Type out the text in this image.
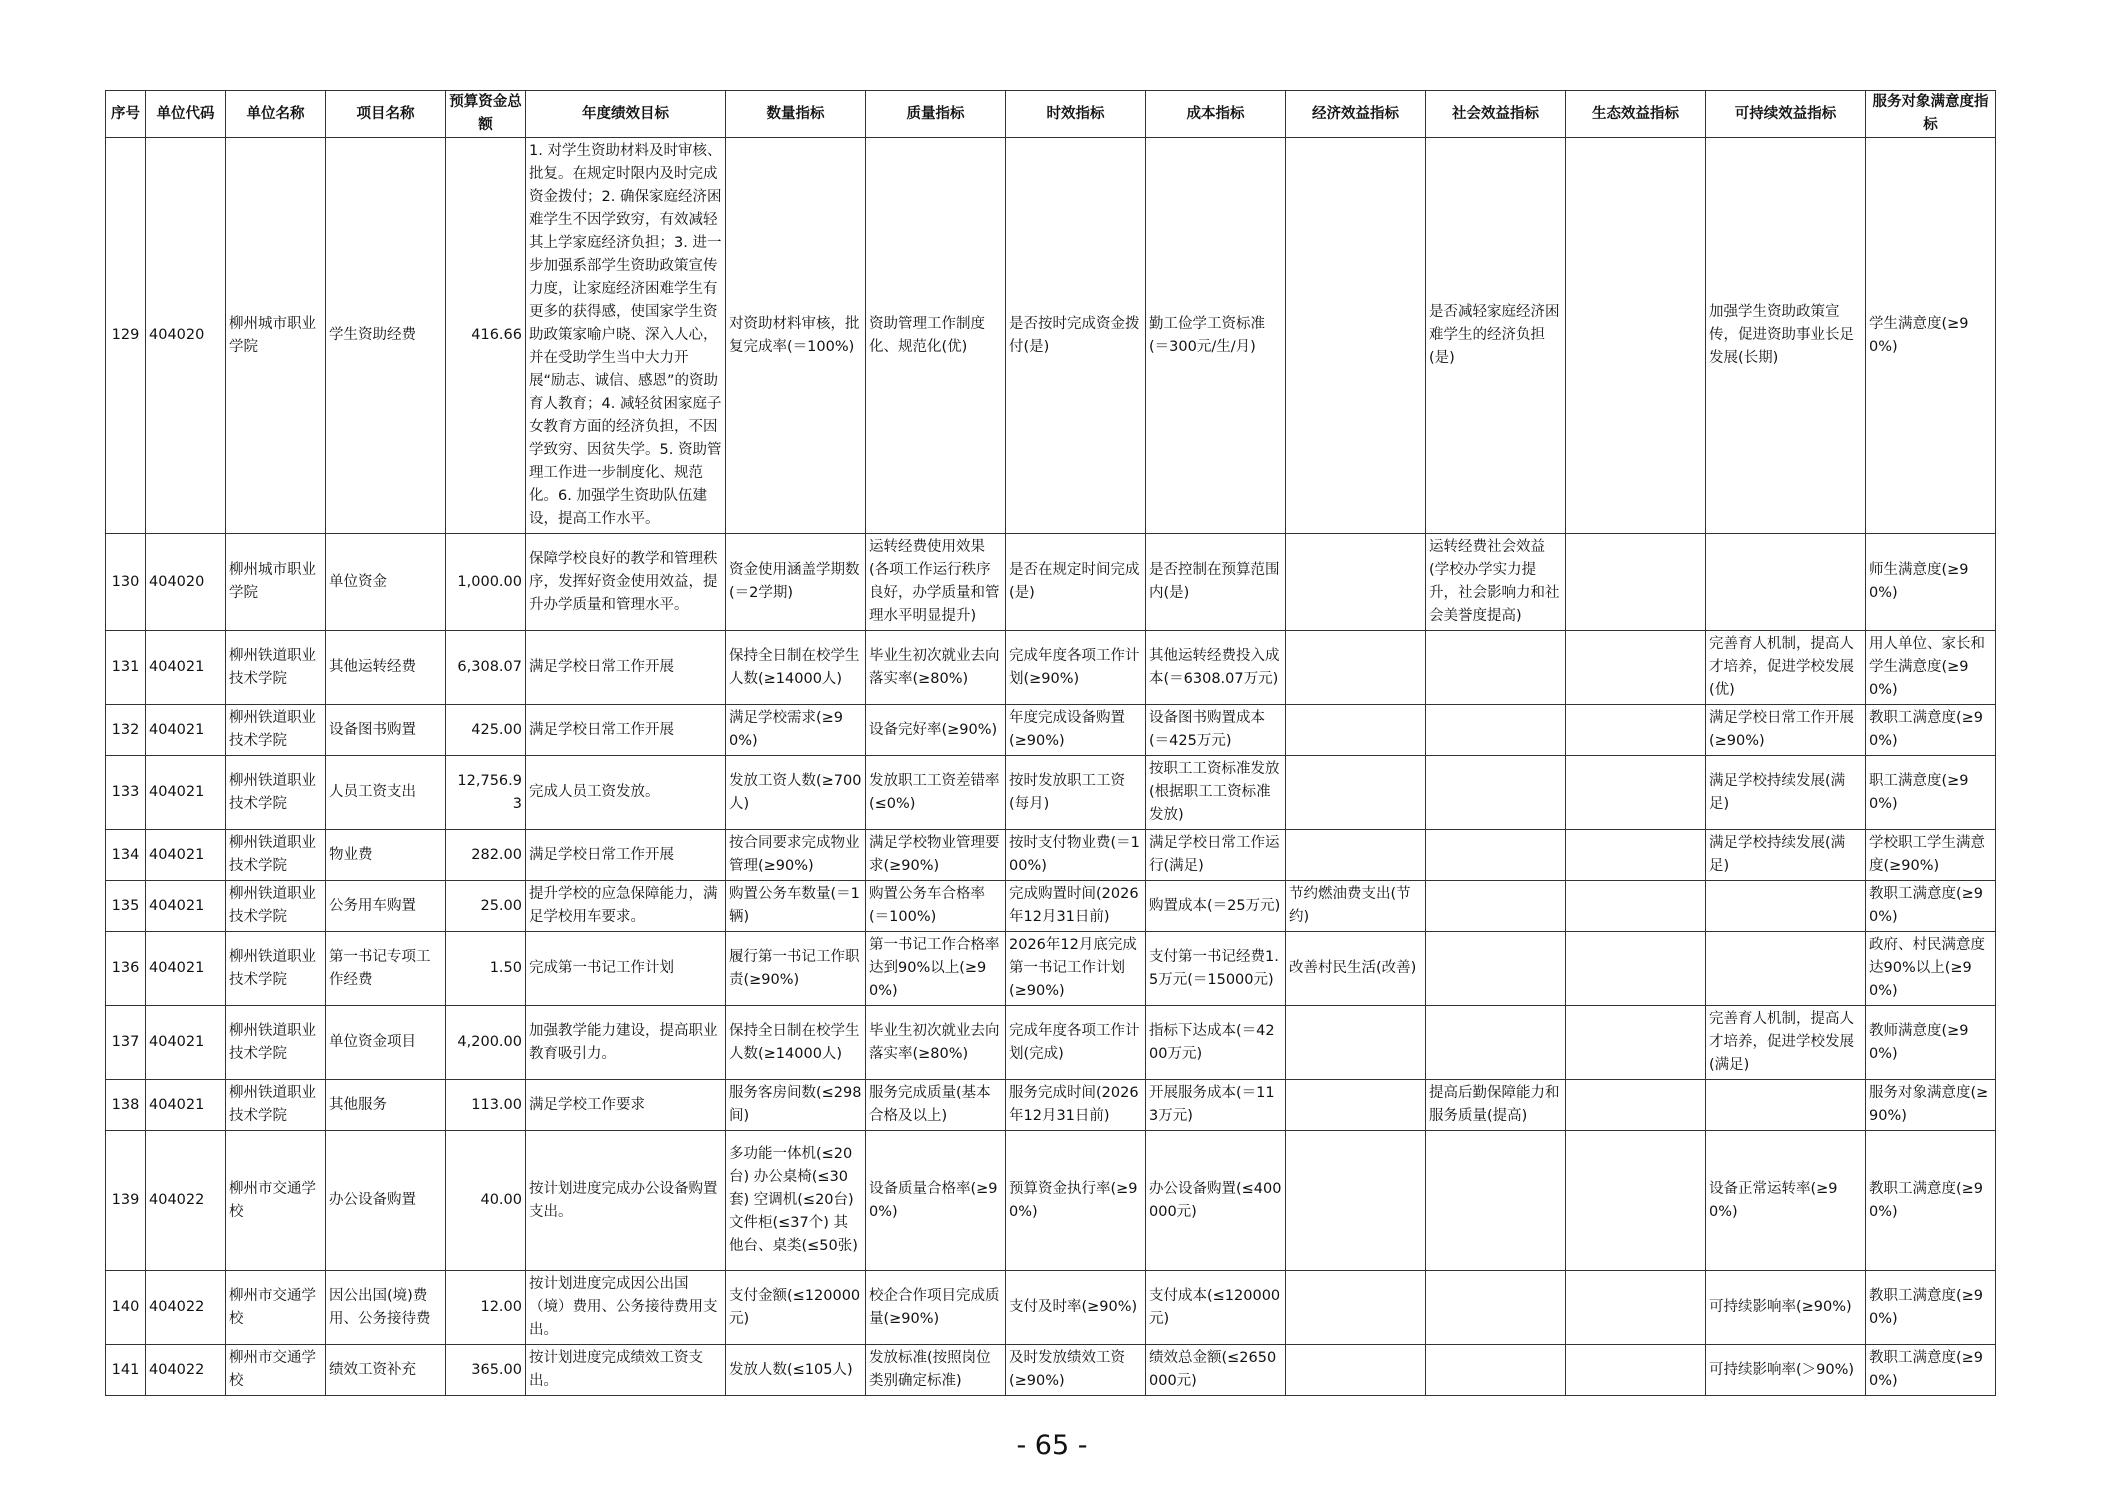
序号	单位代码	单位名称	项目名称	预算资金总额	年度绩效目标	数量指标	质量指标	时效指标	成本指标	经济效益指标	社会效益指标	生态效益指标	可持续效益指标	服务对象满意度指标
129	404020	柳州城市职业学院	学生资助经费	416.66	1. 对学生资助材料及时审核、批复。在规定时限内及时完成资金拨付；2. 确保家庭经济困难学生不因学致穷，有效减轻其上学家庭经济负担；3. 进一步加强系部学生资助政策宣传力度，让家庭经济困难学生有更多的获得感，使国家学生资助政策家喻户晓、深入人心，并在受助学生当中大力开展“励志、诚信、感恩”的资助育人教育；4. 减轻贫困家庭子女教育方面的经济负担，不因学致穷、因贫失学。5. 资助管理工作进一步制度化、规范化。6. 加强学生资助队伍建设，提高工作水平。	对资助材料审核，批复完成率(＝100%)	资助管理工作制度化、规范化(优)	是否按时完成资金拨付(是)	勤工俭学工资标准(＝300元/生/月)		是否减轻家庭经济困难学生的经济负担(是)		加强学生资助政策宣传，促进资助事业长足发展(长期)	学生满意度(≥90%)
130	404020	柳州城市职业学院	单位资金	1,000.00	保障学校良好的教学和管理秩序，发挥好资金使用效益，提升办学质量和管理水平。	资金使用涵盖学期数(＝2学期)	运转经费使用效果(各项工作运行秩序良好，办学质量和管理水平明显提升)	是否在规定时间完成(是)	是否控制在预算范围内(是)		运转经费社会效益(学校办学实力提升，社会影响力和社会美誉度提高)			师生满意度(≥90%)
131	404021	柳州铁道职业技术学院	其他运转经费	6,308.07	满足学校日常工作开展	保持全日制在校学生人数(≥14000人)	毕业生初次就业去向落实率(≥80%)	完成年度各项工作计划(≥90%)	其他运转经费投入成本(＝6308.07万元)				完善育人机制，提高人才培养，促进学校发展(优)	用人单位、家长和学生满意度(≥90%)
132	404021	柳州铁道职业技术学院	设备图书购置	425.00	满足学校日常工作开展	满足学校需求(≥90%)	设备完好率(≥90%)	年度完成设备购置(≥90%)	设备图书购置成本(＝425万元)				满足学校日常工作开展(≥90%)	教职工满意度(≥90%)
133	404021	柳州铁道职业技术学院	人员工资支出	12,756.93	完成人员工资发放。	发放工资人数(≥700人)	发放职工工资差错率(≤0%)	按时发放职工工资(每月)	按职工工资标准发放(根据职工工资标准发放)				满足学校持续发展(满足)	职工满意度(≥90%)
134	404021	柳州铁道职业技术学院	物业费	282.00	满足学校日常工作开展	按合同要求完成物业管理(≥90%)	满足学校物业管理要求(≥90%)	按时支付物业费(＝100%)	满足学校日常工作运行(满足)				满足学校持续发展(满足)	学校职工学生满意度(≥90%)
135	404021	柳州铁道职业技术学院	公务用车购置	25.00	提升学校的应急保障能力，满足学校用车要求。	购置公务车数量(＝1辆)	购置公务车合格率(＝100%)	完成购置时间(2026年12月31日前)	购置成本(＝25万元)	节约燃油费支出(节约)				教职工满意度(≥90%)
136	404021	柳州铁道职业技术学院	第一书记专项工作经费	1.50	完成第一书记工作计划	履行第一书记工作职责(≥90%)	第一书记工作合格率达到90%以上(≥90%)	2026年12月底完成第一书记工作计划(≥90%)	支付第一书记经费1.5万元(＝15000元)	改善村民生活(改善)				政府、村民满意度达90%以上(≥90%)
137	404021	柳州铁道职业技术学院	单位资金项目	4,200.00	加强教学能力建设，提高职业教育吸引力。	保持全日制在校学生人数(≥14000人)	毕业生初次就业去向落实率(≥80%)	完成年度各项工作计划(完成)	指标下达成本(＝4200万元)				完善育人机制，提高人才培养，促进学校发展(满足)	教师满意度(≥90%)
138	404021	柳州铁道职业技术学院	其他服务	113.00	满足学校工作要求	服务客房间数(≤298间)	服务完成质量(基本合格及以上)	服务完成时间(2026年12月31日前)	开展服务成本(＝113万元)		提高后勤保障能力和服务质量(提高)			服务对象满意度(≥90%)
139	404022	柳州市交通学校	办公设备购置	40.00	按计划进度完成办公设备购置支出。	多功能一体机(≤20台) 办公桌椅(≤30套) 空调机(≤20台) 文件柜(≤37个) 其他台、桌类(≤50张)	设备质量合格率(≥90%)	预算资金执行率(≥90%)	办公设备购置(≤400000元)				设备正常运转率(≥90%)	教职工满意度(≥90%)
140	404022	柳州市交通学校	因公出国(境)费用、公务接待费	12.00	按计划进度完成因公出国（境）费用、公务接待费用支出。	支付金额(≤120000元)	校企合作项目完成质量(≥90%)	支付及时率(≥90%)	支付成本(≤120000元)				可持续影响率(≥90%)	教职工满意度(≥90%)
141	404022	柳州市交通学校	绩效工资补充	365.00	按计划进度完成绩效工资支出。	发放人数(≤105人)	发放标准(按照岗位类别确定标准)	及时发放绩效工资(≥90%)	绩效总金额(≤2650000元)				可持续影响率(＞90%)	教职工满意度(≥90%)
- 65 -
